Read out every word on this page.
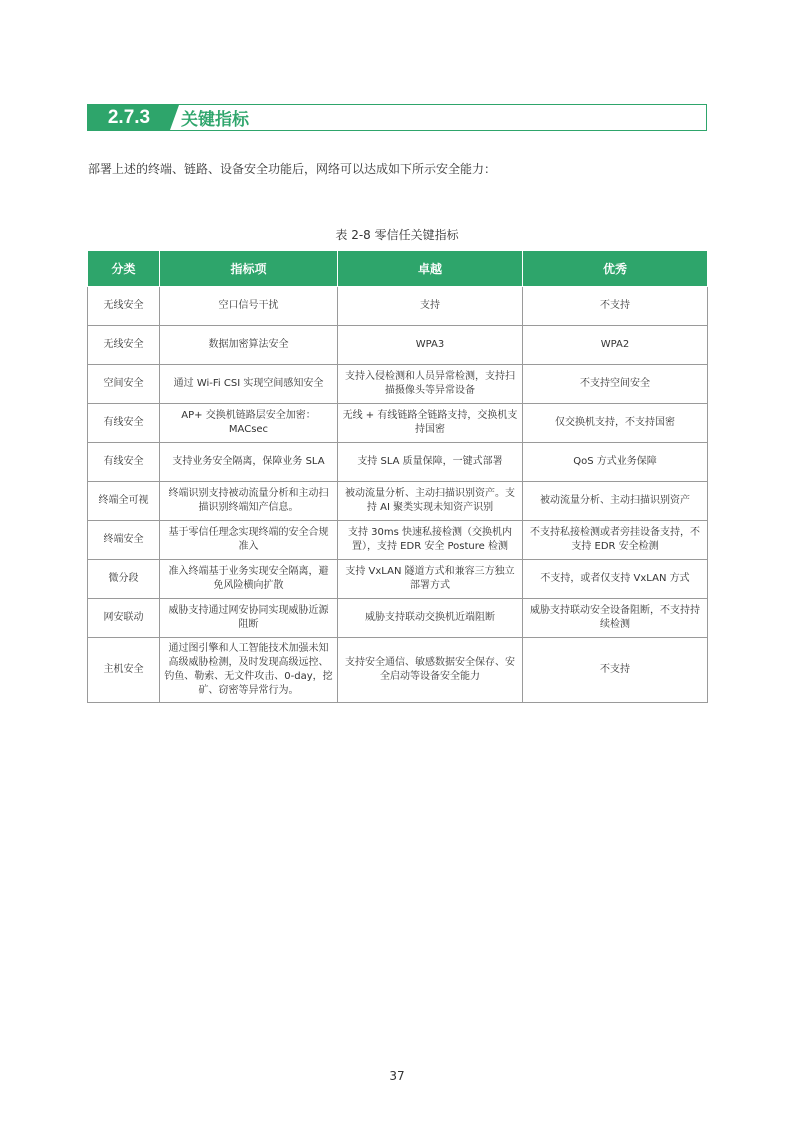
2.7.3	关键指标
部署上述的终端、链路、设备安全功能后，网络可以达成如下所示安全能力：
表 2-8 零信任关键指标
分类	指标项	卓越	优秀
无线安全	空口信号干扰	支持	不支持
无线安全	数据加密算法安全	WPA3	WPA2
空间安全	通过 Wi-Fi CSI 实现空间感知安全	支持入侵检测和人员异常检测，支持扫描摄像头等异常设备	不支持空间安全
有线安全	AP+ 交换机链路层安全加密：MACsec	无线 + 有线链路全链路支持，交换机支持国密	仅交换机支持，不支持国密
有线安全	支持业务安全隔离，保障业务 SLA	支持 SLA 质量保障，一键式部署	QoS 方式业务保障
终端全可视	终端识别支持被动流量分析和主动扫描识别终端知产信息。	被动流量分析、主动扫描识别资产。支持 AI 聚类实现未知资产识别	被动流量分析、主动扫描识别资产
终端安全	基于零信任理念实现终端的安全合规准入	支持 30ms 快速私接检测（交换机内置），支持 EDR 安全 Posture 检测	不支持私接检测或者旁挂设备支持，不支持 EDR 安全检测
微分段	准入终端基于业务实现安全隔离，避免风险横向扩散	支持 VxLAN 隧道方式和兼容三方独立部署方式	不支持，或者仅支持 VxLAN 方式
网安联动	威胁支持通过网安协同实现威胁近源阻断	威胁支持联动交换机近端阻断	威胁支持联动安全设备阻断，不支持持续检测
主机安全	通过图引擎和人工智能技术加强未知高级威胁检测，及时发现高级远控、钓鱼、勒索、无文件攻击、0-day，挖矿、窃密等异常行为。	支持安全通信、敏感数据安全保存、安全启动等设备安全能力	不支持
37
